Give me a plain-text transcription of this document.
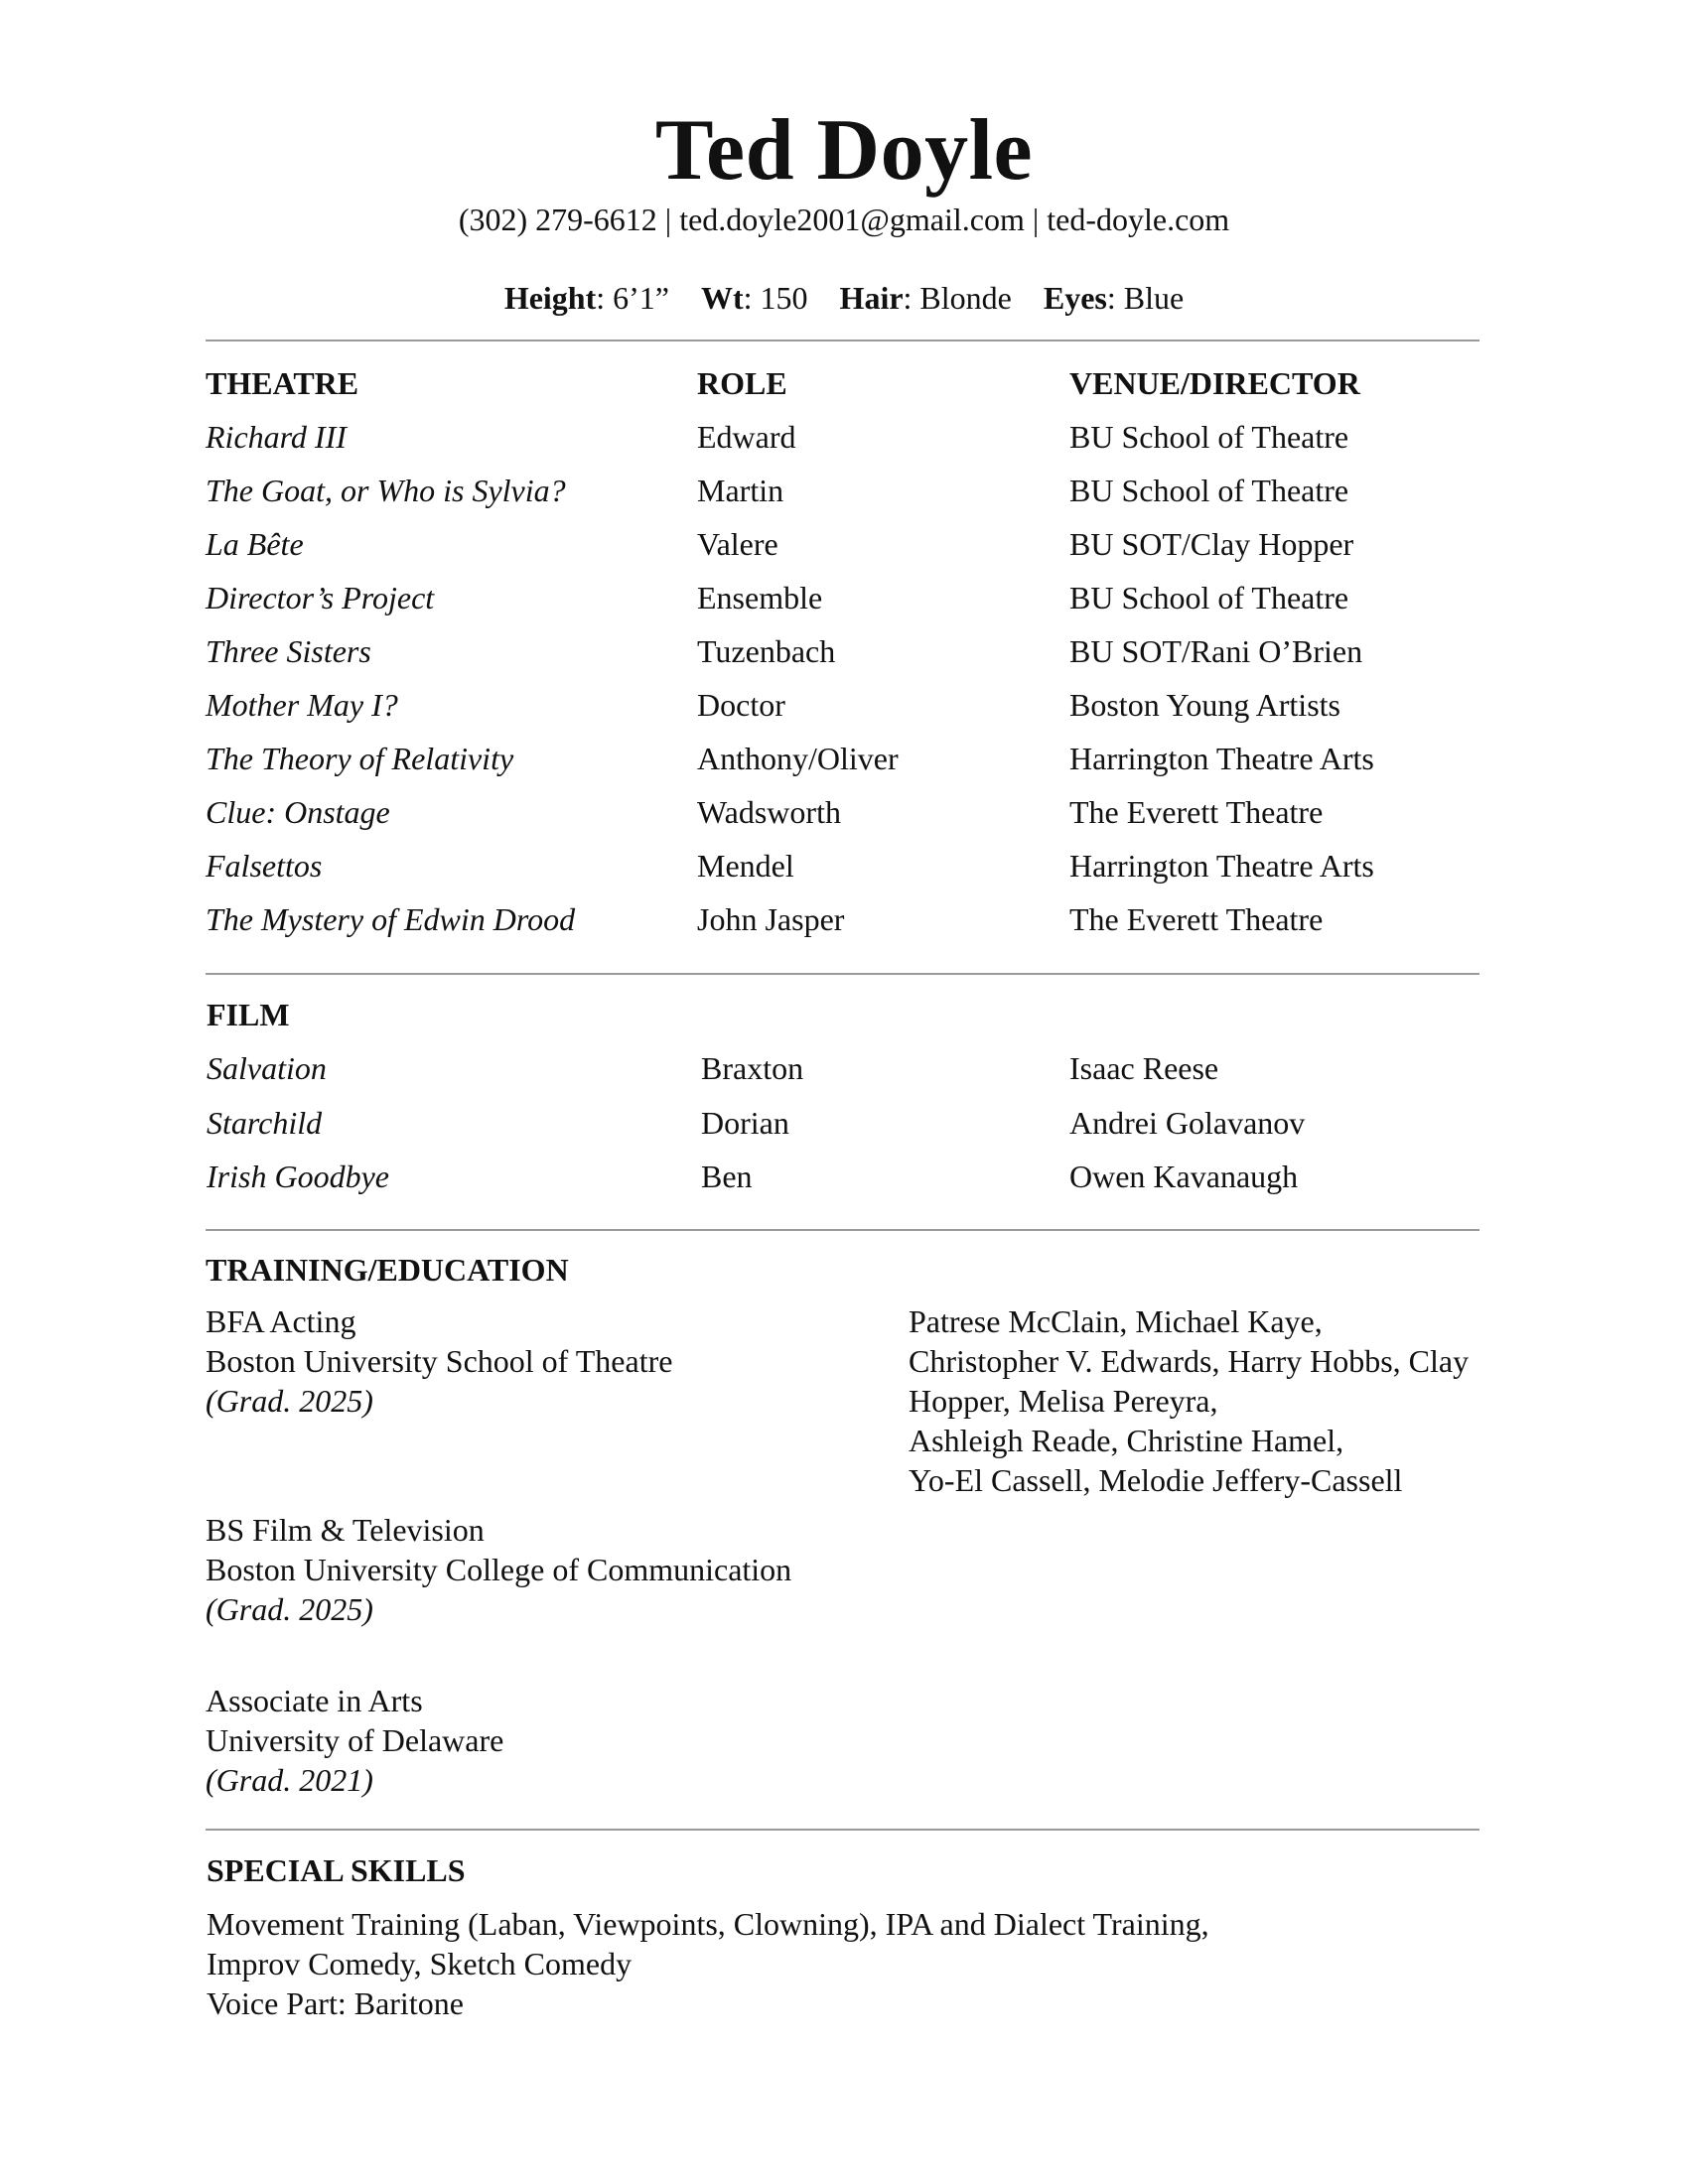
Ted Doyle
(302) 279-6612 | ted.doyle2001@gmail.com | ted-doyle.com
Height: 6’1” Wt: 150 Hair: Blonde Eyes: Blue
THEATRE	ROLE	VENUE/DIRECTOR
Richard III	Edward	BU School of Theatre
The Goat, or Who is Sylvia?	Martin	BU School of Theatre
La Bête	Valere	BU SOT/Clay Hopper
Director’s Project	Ensemble	BU School of Theatre
Three Sisters	Tuzenbach	BU SOT/Rani O’Brien
Mother May I?	Doctor	Boston Young Artists
The Theory of Relativity	Anthony/Oliver	Harrington Theatre Arts
Clue: Onstage	Wadsworth	The Everett Theatre
Falsettos	Mendel	Harrington Theatre Arts
The Mystery of Edwin Drood	John Jasper	The Everett Theatre
FILM
Salvation	Braxton	Isaac Reese
Starchild	Dorian	Andrei Golavanov
Irish Goodbye	Ben	Owen Kavanaugh
TRAINING/EDUCATION
BFA Acting
Boston University School of Theatre
(Grad. 2025)
Patrese McClain, Michael Kaye,
Christopher V. Edwards, Harry Hobbs, Clay
Hopper, Melisa Pereyra,
Ashleigh Reade, Christine Hamel,
Yo-El Cassell, Melodie Jeffery-Cassell
BS Film & Television
Boston University College of Communication
(Grad. 2025)
Associate in Arts
University of Delaware
(Grad. 2021)
SPECIAL SKILLS
Movement Training (Laban, Viewpoints, Clowning), IPA and Dialect Training,
Improv Comedy, Sketch Comedy
Voice Part: Baritone
